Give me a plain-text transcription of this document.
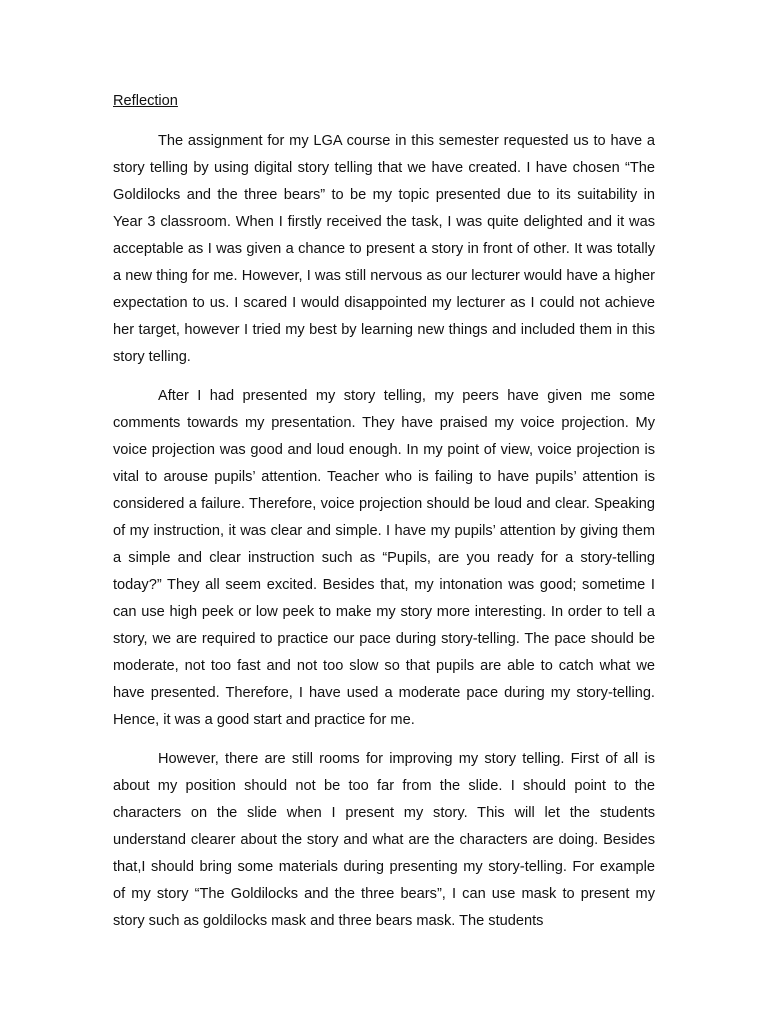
Reflection

The assignment for my LGA course in this semester requested us to have a story telling by using digital story telling that we have created. I have chosen “The Goldilocks and the three bears” to be my topic presented due to its suitability in Year 3 classroom. When I firstly received the task, I was quite delighted and it was acceptable as I was given a chance to present a story in front of other. It was totally a new thing for me. However, I was still nervous as our lecturer would have a higher expectation to us. I scared I would disappointed my lecturer as I could not achieve her target, however I tried my best by learning new things and included them in this story telling.

After I had presented my story telling, my peers have given me some comments towards my presentation. They have praised my voice projection. My voice projection was good and loud enough. In my point of view, voice projection is vital to arouse pupils’ attention. Teacher who is failing to have pupils’ attention is considered a failure. Therefore, voice projection should be loud and clear. Speaking of my instruction, it was clear and simple. I have my pupils’ attention by giving them a simple and clear instruction such as “Pupils, are you ready for a story-telling today?” They all seem excited. Besides that, my intonation was good; sometime I can use high peek or low peek to make my story more interesting. In order to tell a story, we are required to practice our pace during story-telling. The pace should be moderate, not too fast and not too slow so that pupils are able to catch what we have presented. Therefore, I have used a moderate pace during my story-telling. Hence, it was a good start and practice for me.

However, there are still rooms for improving my story telling. First of all is about my position should not be too far from the slide. I should point to the characters on the slide when I present my story. This will let the students understand clearer about the story and what are the characters are doing. Besides that,I should bring some materials during presenting my story-telling. For example of my story “The Goldilocks and the three bears”, I can use mask to present my story such as goldilocks mask and three bears mask. The students
